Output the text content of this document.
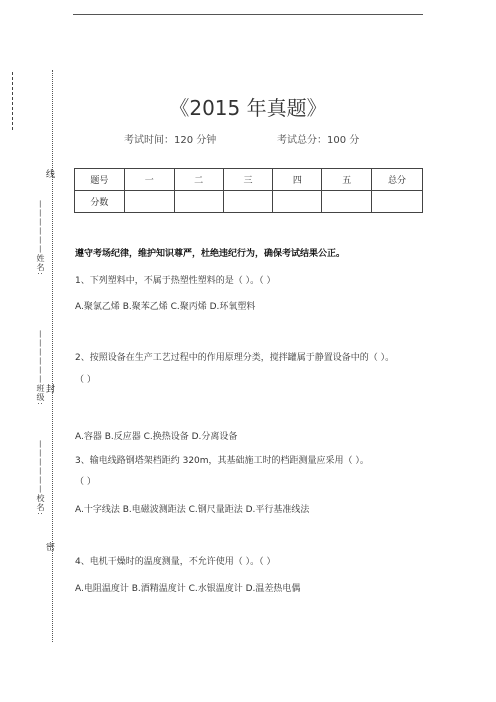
线
——————姓名:
封
——————班级:
——————校名:
密
《2015 年真题》
考试时间：120 分钟	考试总分：100 分
题号	一	二	三	四	五	总分
分数						
遵守考场纪律，维护知识尊严，杜绝违纪行为，确保考试结果公正。
1、下列塑料中，不属于热塑性塑料的是（ ）。（ ）
A.聚氯乙烯 B.聚苯乙烯 C.聚丙烯 D.环氧塑料
2、按照设备在生产工艺过程中的作用原理分类，搅拌罐属于静置设备中的（ ）。
（ ）
A.容器 B.反应器 C.换热设备 D.分离设备
3、输电线路钢塔架档距约 320m，其基础施工时的档距测量应采用（ ）。
（ ）
A.十字线法 B.电磁波测距法 C.钢尺量距法 D.平行基准线法
4、电机干燥时的温度测量，不允许使用（ ）。（ ）
A.电阻温度计 B.酒精温度计 C.水银温度计 D.温差热电偶
